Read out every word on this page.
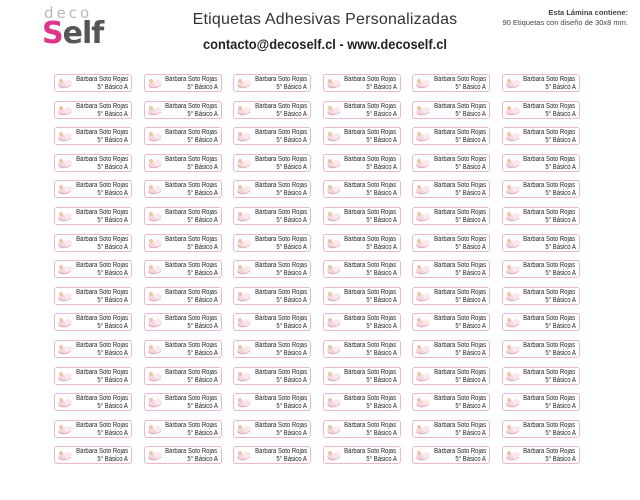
deco
Self	Etiquetas Adhesivas Personalizadas
contacto@decoself.cl - www.decoself.cl
Esta Lámina contiene:
90 Etiquetas con diseño de 30x8 mm.
Bárbara Soto Rojas
5° Básico A
Bárbara Soto Rojas
5° Básico A
Bárbara Soto Rojas
5° Básico A
Bárbara Soto Rojas
5° Básico A
Bárbara Soto Rojas
5° Básico A
Bárbara Soto Rojas
5° Básico A
Bárbara Soto Rojas
5° Básico A
Bárbara Soto Rojas
5° Básico A
Bárbara Soto Rojas
5° Básico A
Bárbara Soto Rojas
5° Básico A
Bárbara Soto Rojas
5° Básico A
Bárbara Soto Rojas
5° Básico A
Bárbara Soto Rojas
5° Básico A
Bárbara Soto Rojas
5° Básico A
Bárbara Soto Rojas
5° Básico A
Bárbara Soto Rojas
5° Básico A
Bárbara Soto Rojas
5° Básico A
Bárbara Soto Rojas
5° Básico A
Bárbara Soto Rojas
5° Básico A
Bárbara Soto Rojas
5° Básico A
Bárbara Soto Rojas
5° Básico A
Bárbara Soto Rojas
5° Básico A
Bárbara Soto Rojas
5° Básico A
Bárbara Soto Rojas
5° Básico A
Bárbara Soto Rojas
5° Básico A
Bárbara Soto Rojas
5° Básico A
Bárbara Soto Rojas
5° Básico A
Bárbara Soto Rojas
5° Básico A
Bárbara Soto Rojas
5° Básico A
Bárbara Soto Rojas
5° Básico A
Bárbara Soto Rojas
5° Básico A
Bárbara Soto Rojas
5° Básico A
Bárbara Soto Rojas
5° Básico A
Bárbara Soto Rojas
5° Básico A
Bárbara Soto Rojas
5° Básico A
Bárbara Soto Rojas
5° Básico A
Bárbara Soto Rojas
5° Básico A
Bárbara Soto Rojas
5° Básico A
Bárbara Soto Rojas
5° Básico A
Bárbara Soto Rojas
5° Básico A
Bárbara Soto Rojas
5° Básico A
Bárbara Soto Rojas
5° Básico A
Bárbara Soto Rojas
5° Básico A
Bárbara Soto Rojas
5° Básico A
Bárbara Soto Rojas
5° Básico A
Bárbara Soto Rojas
5° Básico A
Bárbara Soto Rojas
5° Básico A
Bárbara Soto Rojas
5° Básico A
Bárbara Soto Rojas
5° Básico A
Bárbara Soto Rojas
5° Básico A
Bárbara Soto Rojas
5° Básico A
Bárbara Soto Rojas
5° Básico A
Bárbara Soto Rojas
5° Básico A
Bárbara Soto Rojas
5° Básico A
Bárbara Soto Rojas
5° Básico A
Bárbara Soto Rojas
5° Básico A
Bárbara Soto Rojas
5° Básico A
Bárbara Soto Rojas
5° Básico A
Bárbara Soto Rojas
5° Básico A
Bárbara Soto Rojas
5° Básico A
Bárbara Soto Rojas
5° Básico A
Bárbara Soto Rojas
5° Básico A
Bárbara Soto Rojas
5° Básico A
Bárbara Soto Rojas
5° Básico A
Bárbara Soto Rojas
5° Básico A
Bárbara Soto Rojas
5° Básico A
Bárbara Soto Rojas
5° Básico A
Bárbara Soto Rojas
5° Básico A
Bárbara Soto Rojas
5° Básico A
Bárbara Soto Rojas
5° Básico A
Bárbara Soto Rojas
5° Básico A
Bárbara Soto Rojas
5° Básico A
Bárbara Soto Rojas
5° Básico A
Bárbara Soto Rojas
5° Básico A
Bárbara Soto Rojas
5° Básico A
Bárbara Soto Rojas
5° Básico A
Bárbara Soto Rojas
5° Básico A
Bárbara Soto Rojas
5° Básico A
Bárbara Soto Rojas
5° Básico A
Bárbara Soto Rojas
5° Básico A
Bárbara Soto Rojas
5° Básico A
Bárbara Soto Rojas
5° Básico A
Bárbara Soto Rojas
5° Básico A
Bárbara Soto Rojas
5° Básico A
Bárbara Soto Rojas
5° Básico A
Bárbara Soto Rojas
5° Básico A
Bárbara Soto Rojas
5° Básico A
Bárbara Soto Rojas
5° Básico A
Bárbara Soto Rojas
5° Básico A
Bárbara Soto Rojas
5° Básico A
